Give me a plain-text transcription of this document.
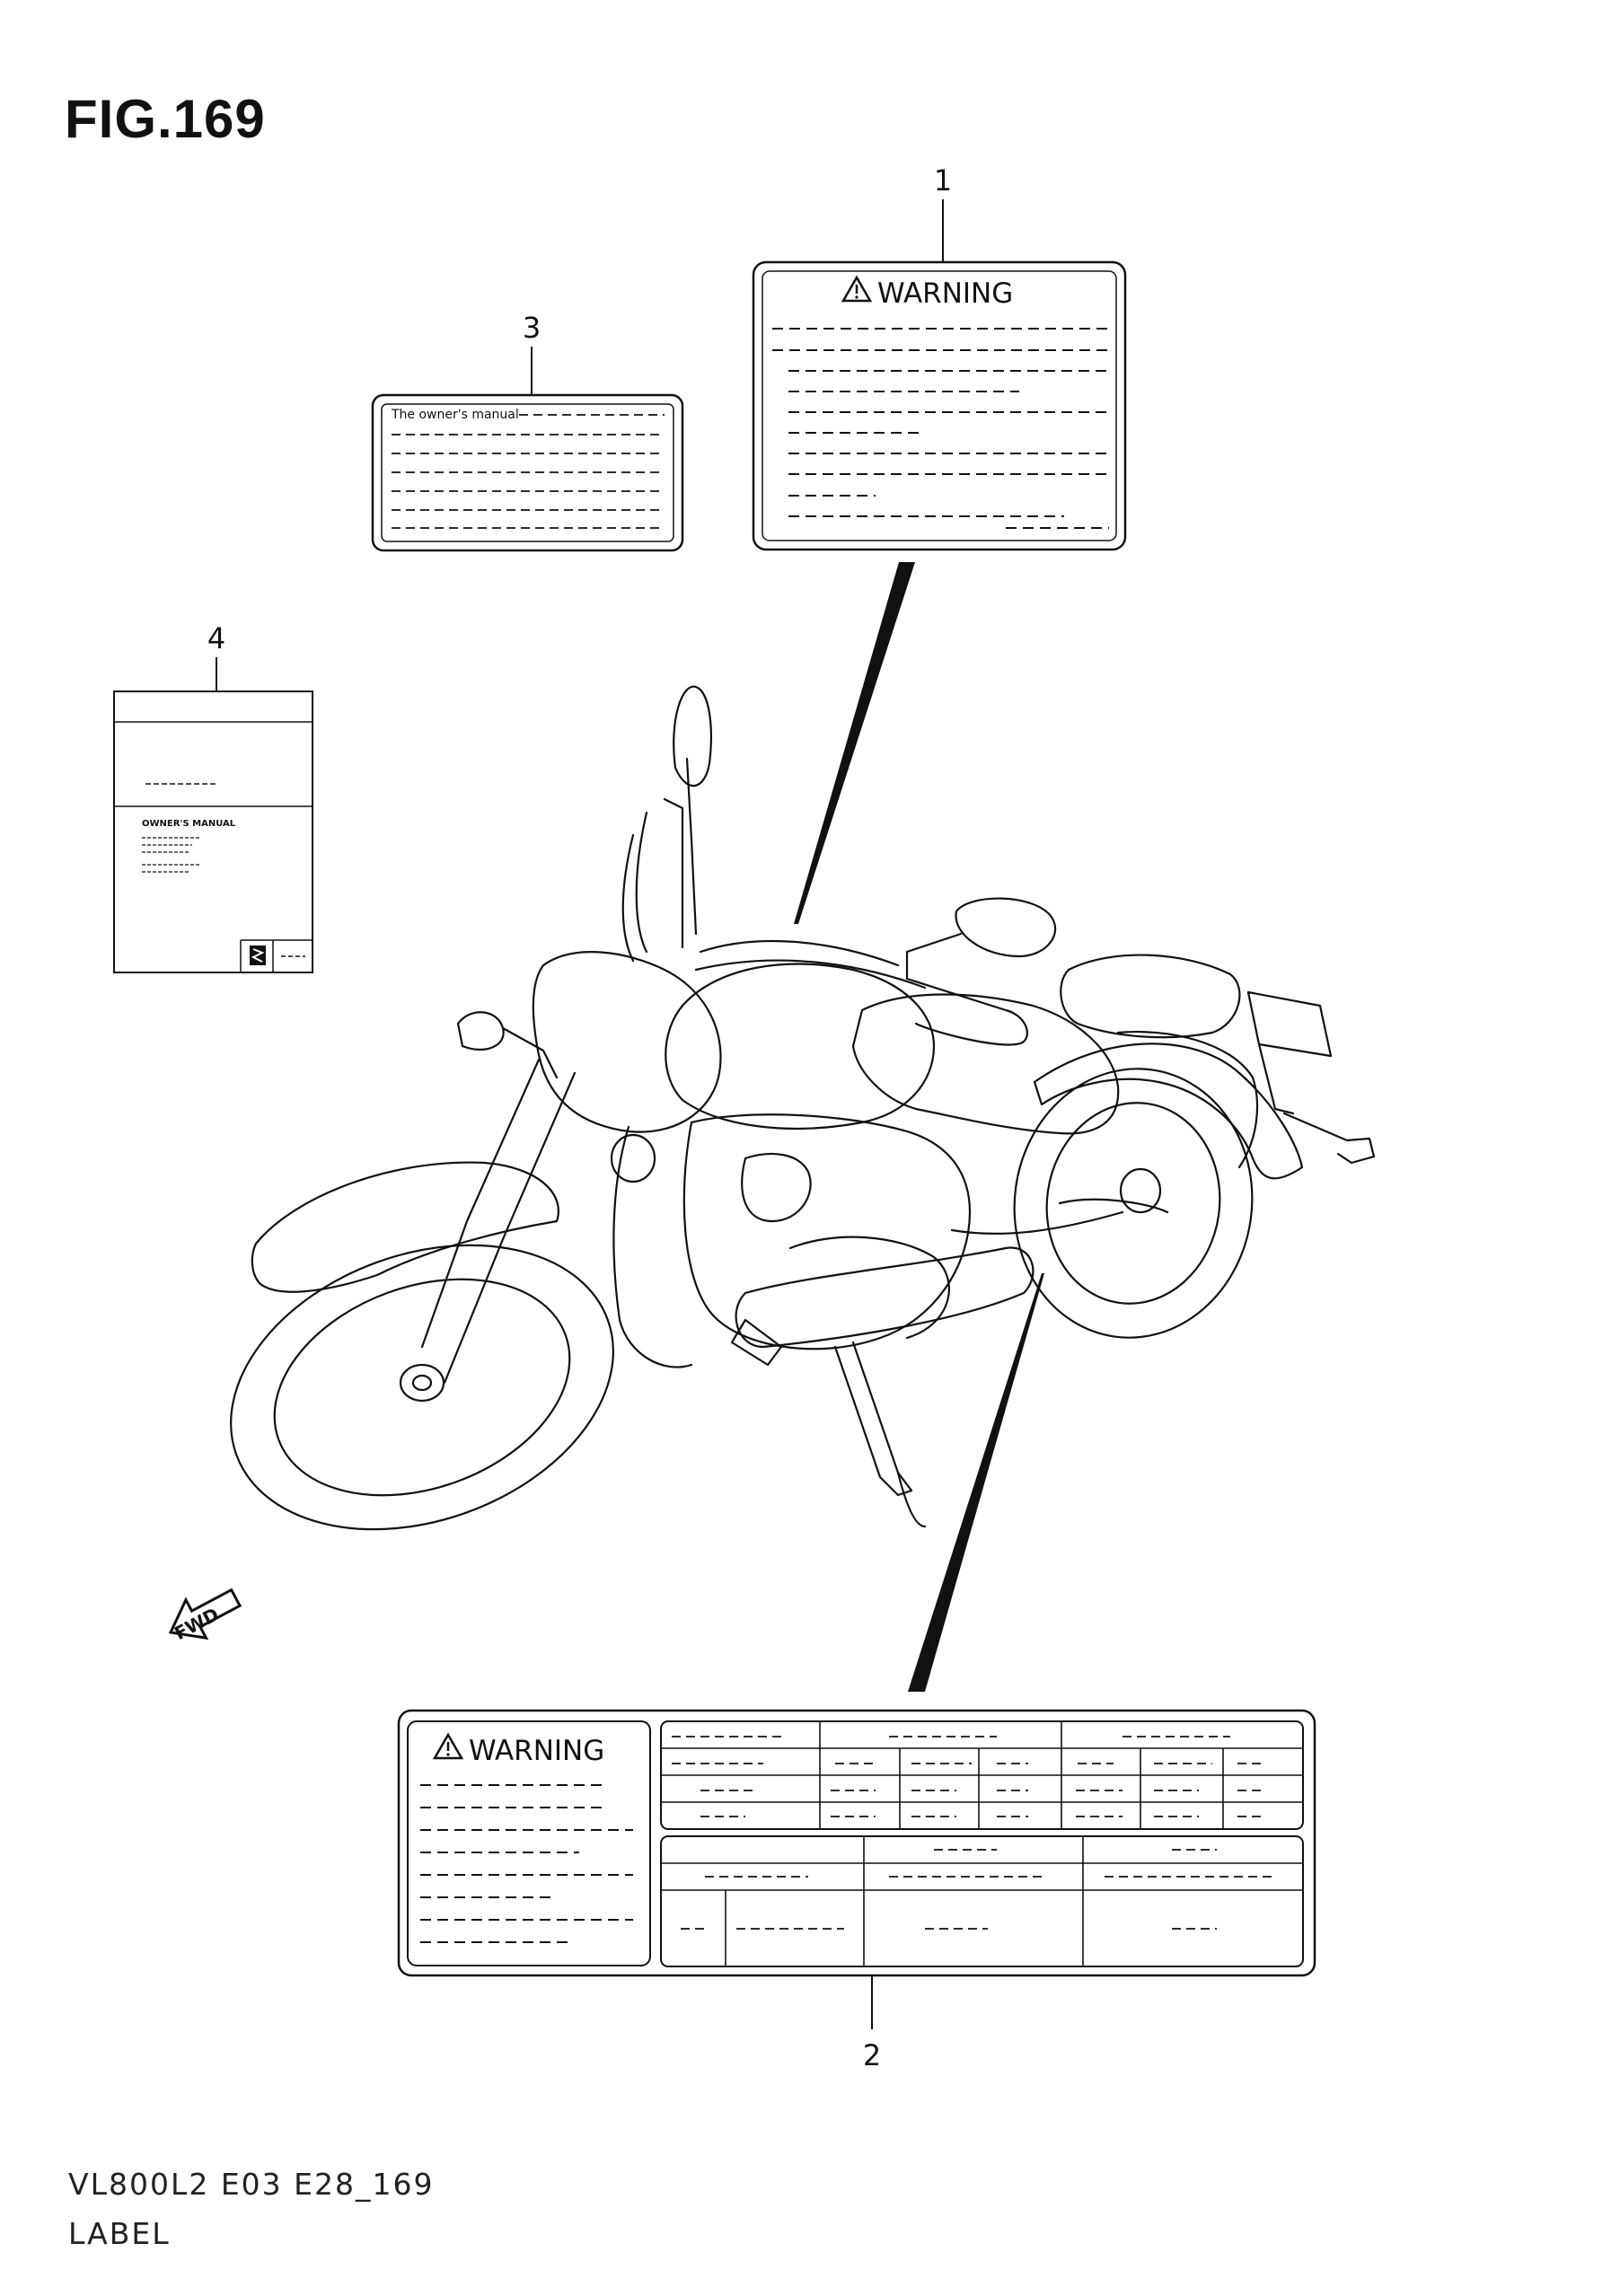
FIG.169
1
WARNING
3
The owner's manual
4
OWNER'S MANUAL
FWD
WARNING
2
VL800L2 E03 E28_169
LABEL
